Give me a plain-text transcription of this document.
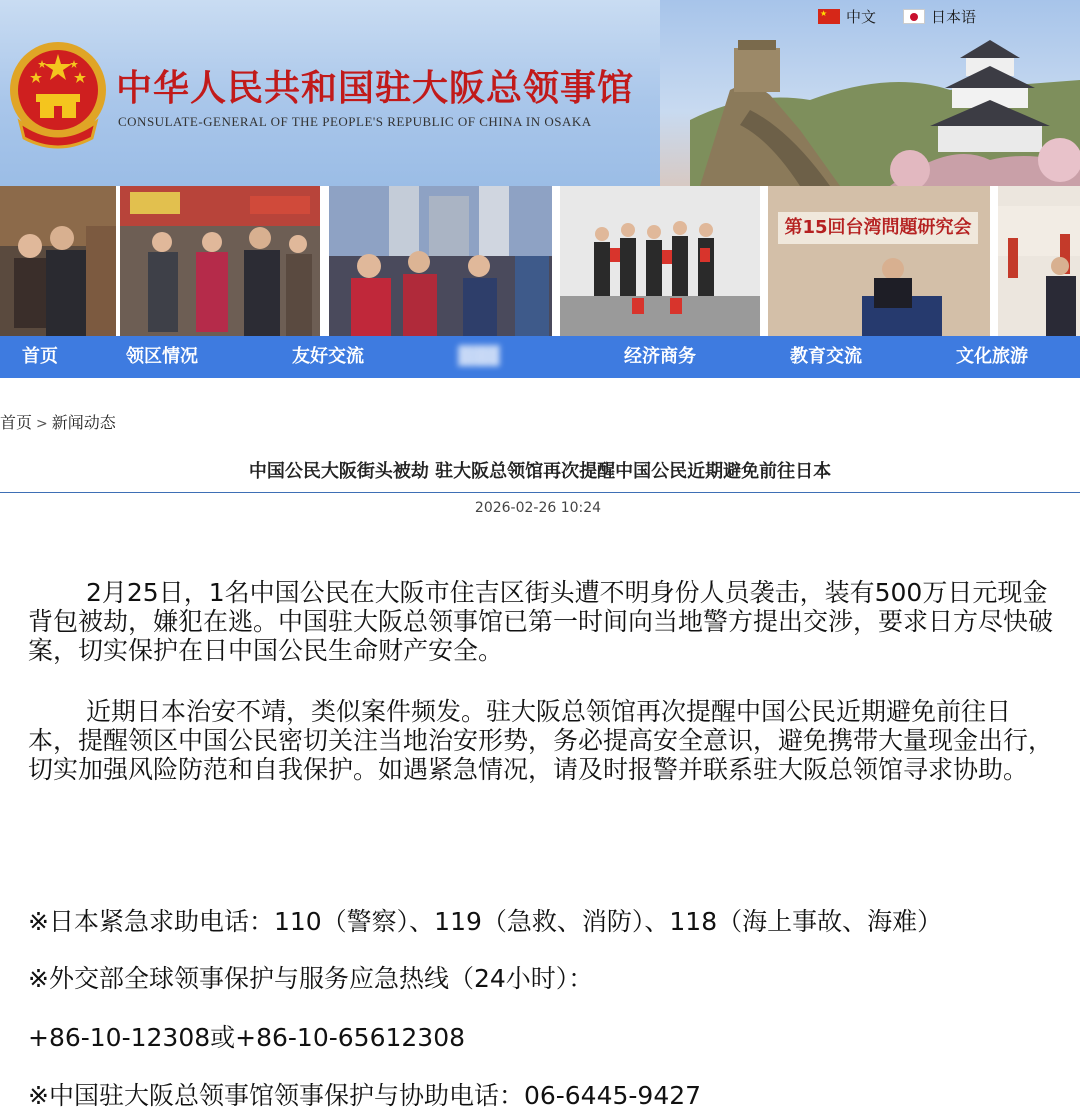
中华人民共和国驻大阪总领事馆
CONSULATE-GENERAL OF THE PEOPLE'S REPUBLIC OF CHINA IN OSAKA
★
中文	日本语
第15回台湾問題研究会
首页	领区情况	友好交流	▓▓▓	经济商务	教育交流	文化旅游
首页 > 新闻动态
中国公民大阪街头被劫 驻大阪总领馆再次提醒中国公民近期避免前往日本
2026-02-26 10:24

2月25日，1名中国公民在大阪市住吉区街头遭不明身份人员袭击，装有500万日元现金背包被劫，嫌犯在逃。中国驻大阪总领事馆已第一时间向当地警方提出交涉，要求日方尽快破案，切实保护在日中国公民生命财产安全。

近期日本治安不靖，类似案件频发。驻大阪总领馆再次提醒中国公民近期避免前往日本，提醒领区中国公民密切关注当地治安形势，务必提高安全意识，避免携带大量现金出行，切实加强风险防范和自我保护。如遇紧急情况，请及时报警并联系驻大阪总领馆寻求协助。

※日本紧急求助电话：110（警察）、119（急救、消防）、118（海上事故、海难）
※外交部全球领事保护与服务应急热线（24小时）：
+86-10-12308或+86-10-65612308
※中国驻大阪总领事馆领事保护与协助电话：06-6445-9427
